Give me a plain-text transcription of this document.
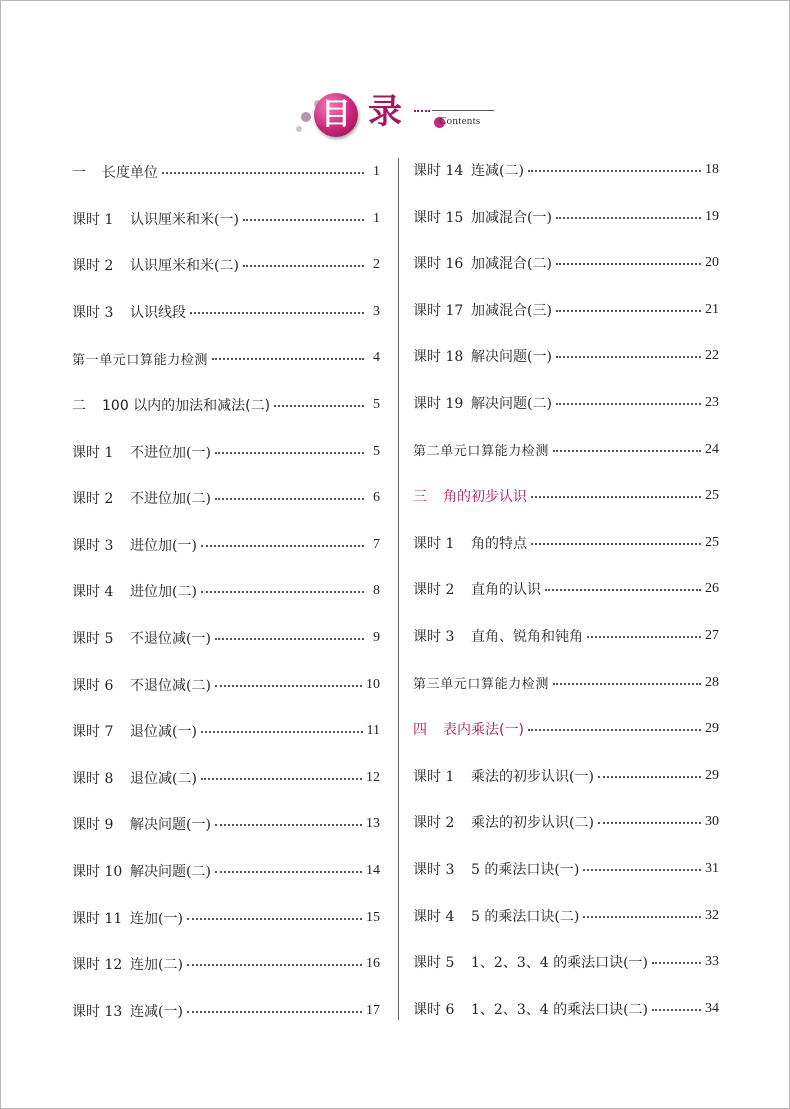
目 录	Contents
一	长度单位	1
课时 1	认识厘米和米(一)	1
课时 2	认识厘米和米(二)	2
课时 3	认识线段	3
第一单元口算能力检测	4
二	100 以内的加法和减法(二)	5
课时 1	不进位加(一)	5
课时 2	不进位加(二)	6
课时 3	进位加(一)	7
课时 4	进位加(二)	8
课时 5	不退位减(一)	9
课时 6	不退位减(二)	10
课时 7	退位减(一)	11
课时 8	退位减(二)	12
课时 9	解决问题(一)	13
课时 10 解决问题(二)	14
课时 11 连加(一)	15
课时 12 连加(二)	16
课时 13 连减(一)	17
课时 14 连减(二)	18
课时 15 加减混合(一)	19
课时 16 加减混合(二)	20
课时 17 加减混合(三)	21
课时 18 解决问题(一)	22
课时 19 解决问题(二)	23
第二单元口算能力检测	24
三	角的初步认识	25
课时 1	角的特点	25
课时 2	直角的认识	26
课时 3	直角、锐角和钝角	27
第三单元口算能力检测	28
四	表内乘法(一)	29
课时 1	乘法的初步认识(一)	29
课时 2	乘法的初步认识(二)	30
课时 3	5 的乘法口诀(一)	31
课时 4	5 的乘法口诀(二)	32
课时 5	1、2、3、4 的乘法口诀(一)	33
课时 6	1、2、3、4 的乘法口诀(二)	34
